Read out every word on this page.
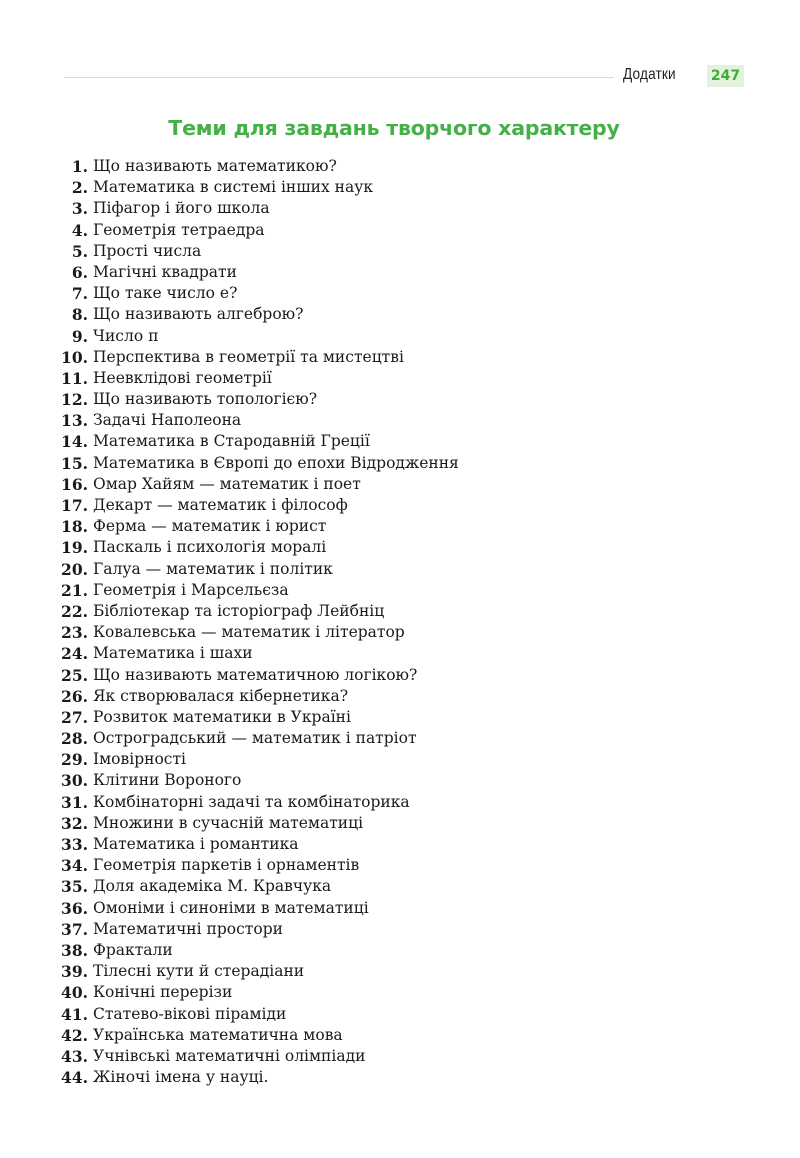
Додатки	247
Теми для завдань творчого характеру
1. Що називають математикою?
2. Математика в системі інших наук
3. Піфагор і його школа
4. Геометрія тетраедра
5. Прості числа
6. Магічні квадрати
7. Що таке число e?
8. Що називають алгеброю?
9. Число π
10. Перспектива в геометрії та мистецтві
11. Неевклідові геометрії
12. Що називають топологією?
13. Задачі Наполеона
14. Математика в Стародавній Греції
15. Математика в Європі до епохи Відродження
16. Омар Хайям — математик і поет
17. Декарт — математик і філософ
18. Ферма — математик і юрист
19. Паскаль і психологія моралі
20. Галуа — математик і політик
21. Геометрія і Марсельєза
22. Бібліотекар та історіограф Лейбніц
23. Ковалевська — математик і літератор
24. Математика і шахи
25. Що називають математичною логікою?
26. Як створювалася кібернетика?
27. Розвиток математики в Україні
28. Остроградський — математик і патріот
29. Імовірності
30. Клітини Вороного
31. Комбінаторні задачі та комбінаторика
32. Множини в сучасній математиці
33. Математика і романтика
34. Геометрія паркетів і орнаментів
35. Доля академіка М. Кравчука
36. Омоніми і синоніми в математиці
37. Математичні простори
38. Фрактали
39. Тілесні кути й стерадіани
40. Конічні перерізи
41. Статево-вікові піраміди
42. Українська математична мова
43. Учнівські математичні олімпіади
44. Жіночі імена у науці.
